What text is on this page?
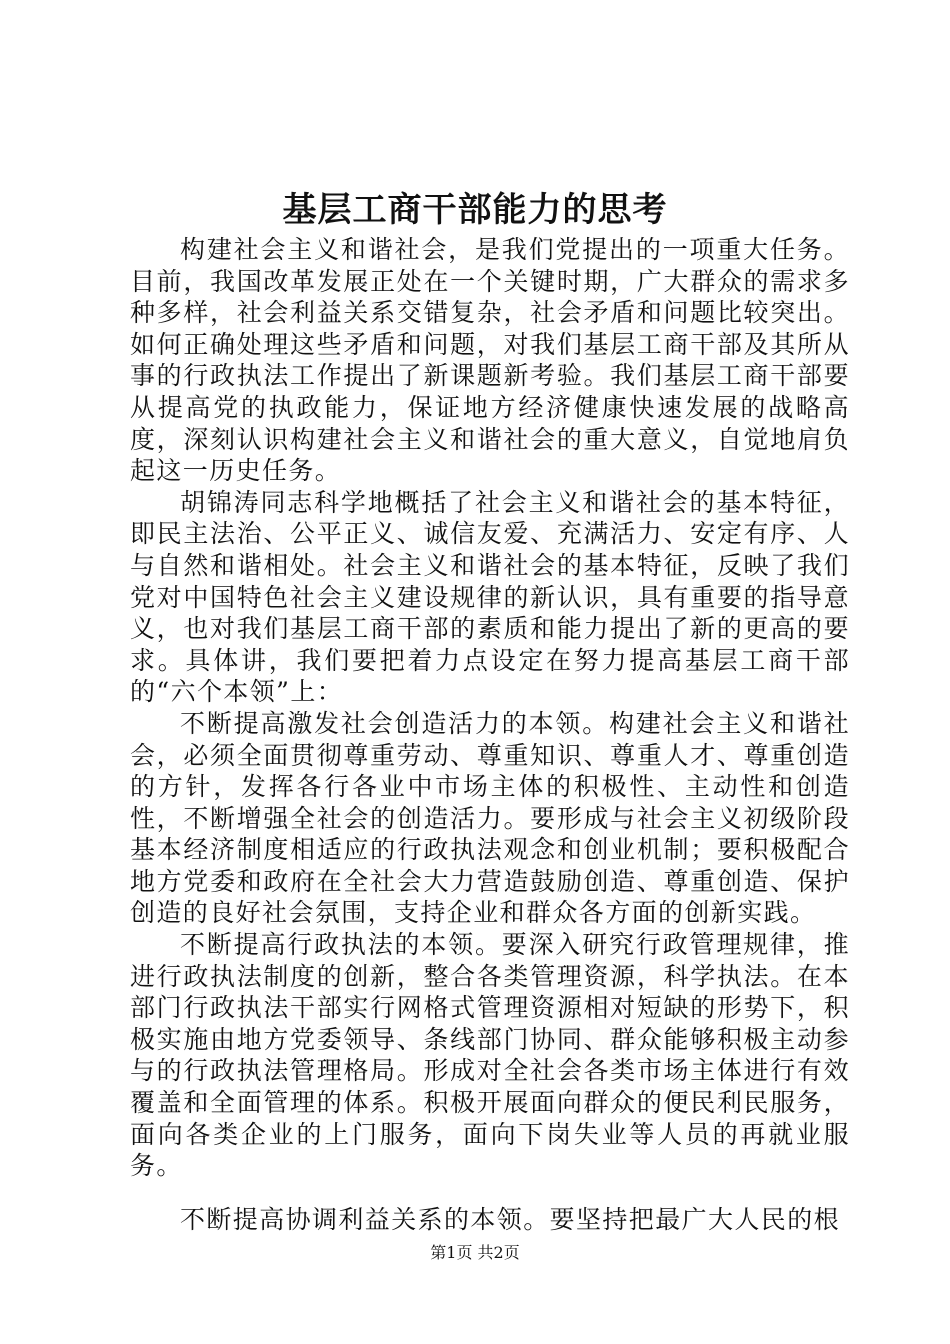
基层工商干部能力的思考

构建社会主义和谐社会，是我们党提出的一项重大任务。目前，我国改革发展正处在一个关键时期，广大群众的需求多种多样，社会利益关系交错复杂，社会矛盾和问题比较突出。如何正确处理这些矛盾和问题，对我们基层工商干部及其所从事的行政执法工作提出了新课题新考验。我们基层工商干部要从提高党的执政能力，保证地方经济健康快速发展的战略高度，深刻认识构建社会主义和谐社会的重大意义，自觉地肩负起这一历史任务。

胡锦涛同志科学地概括了社会主义和谐社会的基本特征，即民主法治、公平正义、诚信友爱、充满活力、安定有序、人与自然和谐相处。社会主义和谐社会的基本特征，反映了我们党对中国特色社会主义建设规律的新认识，具有重要的指导意义，也对我们基层工商干部的素质和能力提出了新的更高的要求。具体讲，我们要把着力点设定在努力提高基层工商干部的“六个本领”上：

不断提高激发社会创造活力的本领。构建社会主义和谐社会，必须全面贯彻尊重劳动、尊重知识、尊重人才、尊重创造的方针，发挥各行各业中市场主体的积极性、主动性和创造性，不断增强全社会的创造活力。要形成与社会主义初级阶段基本经济制度相适应的行政执法观念和创业机制；要积极配合地方党委和政府在全社会大力营造鼓励创造、尊重创造、保护创造的良好社会氛围，支持企业和群众各方面的创新实践。

不断提高行政执法的本领。要深入研究行政管理规律，推进行政执法制度的创新，整合各类管理资源，科学执法。在本部门行政执法干部实行网格式管理资源相对短缺的形势下，积极实施由地方党委领导、条线部门协同、群众能够积极主动参与的行政执法管理格局。形成对全社会各类市场主体进行有效覆盖和全面管理的体系。积极开展面向群众的便民利民服务，面向各类企业的上门服务，面向下岗失业等人员的再就业服务。

不断提高协调利益关系的本领。要坚持把最广大人民的根

第1页 共2页
